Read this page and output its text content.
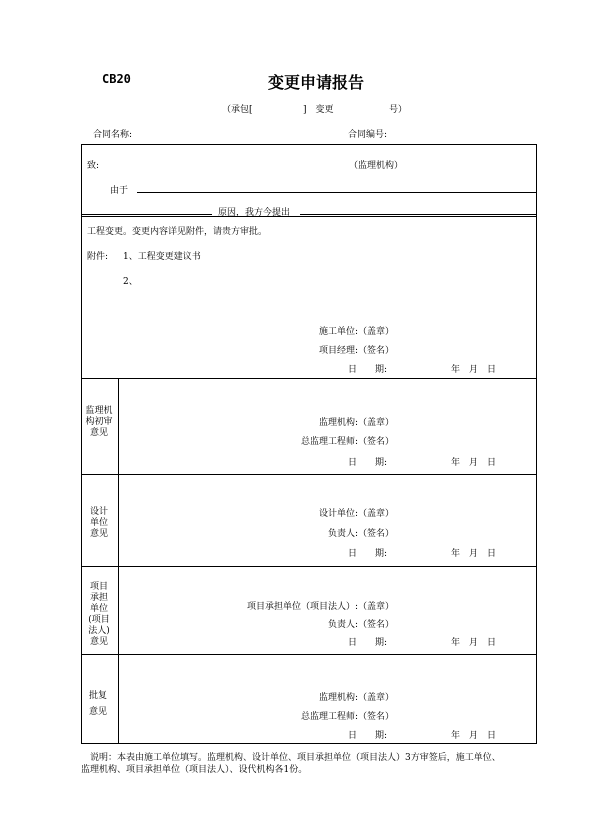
CB20	变更申请报告
（承包[	]　变更	号）
合同名称:	合同编号:
致:	（监理机构）
由于
原因，我方今提出
工程变更。变更内容详见附件，请贵方审批。
附件: 1、工程变更建议书
2、
施工单位:（盖章）
项目经理:（签名）
日　　期:	年　月　日
监理机构初审意见
监理机构:（盖章）
总监理工程师:（签名）
日　　期:	年　月　日
设计单位意见
设计单位:（盖章）
负责人:（签名）
日　　期:	年　月　日
项目承担单位(项目法人)意见
项目承担单位（项目法人）:（盖章）
负责人:（签名）
日　　期:	年　月　日
批复意见
监理机构:（盖章）
总监理工程师:（签名）
日　　期:	年　月　日
说明：本表由施工单位填写。监理机构、设计单位、项目承担单位（项目法人）3方审签后，施工单位、
监理机构、项目承担单位（项目法人）、设代机构各1份。
